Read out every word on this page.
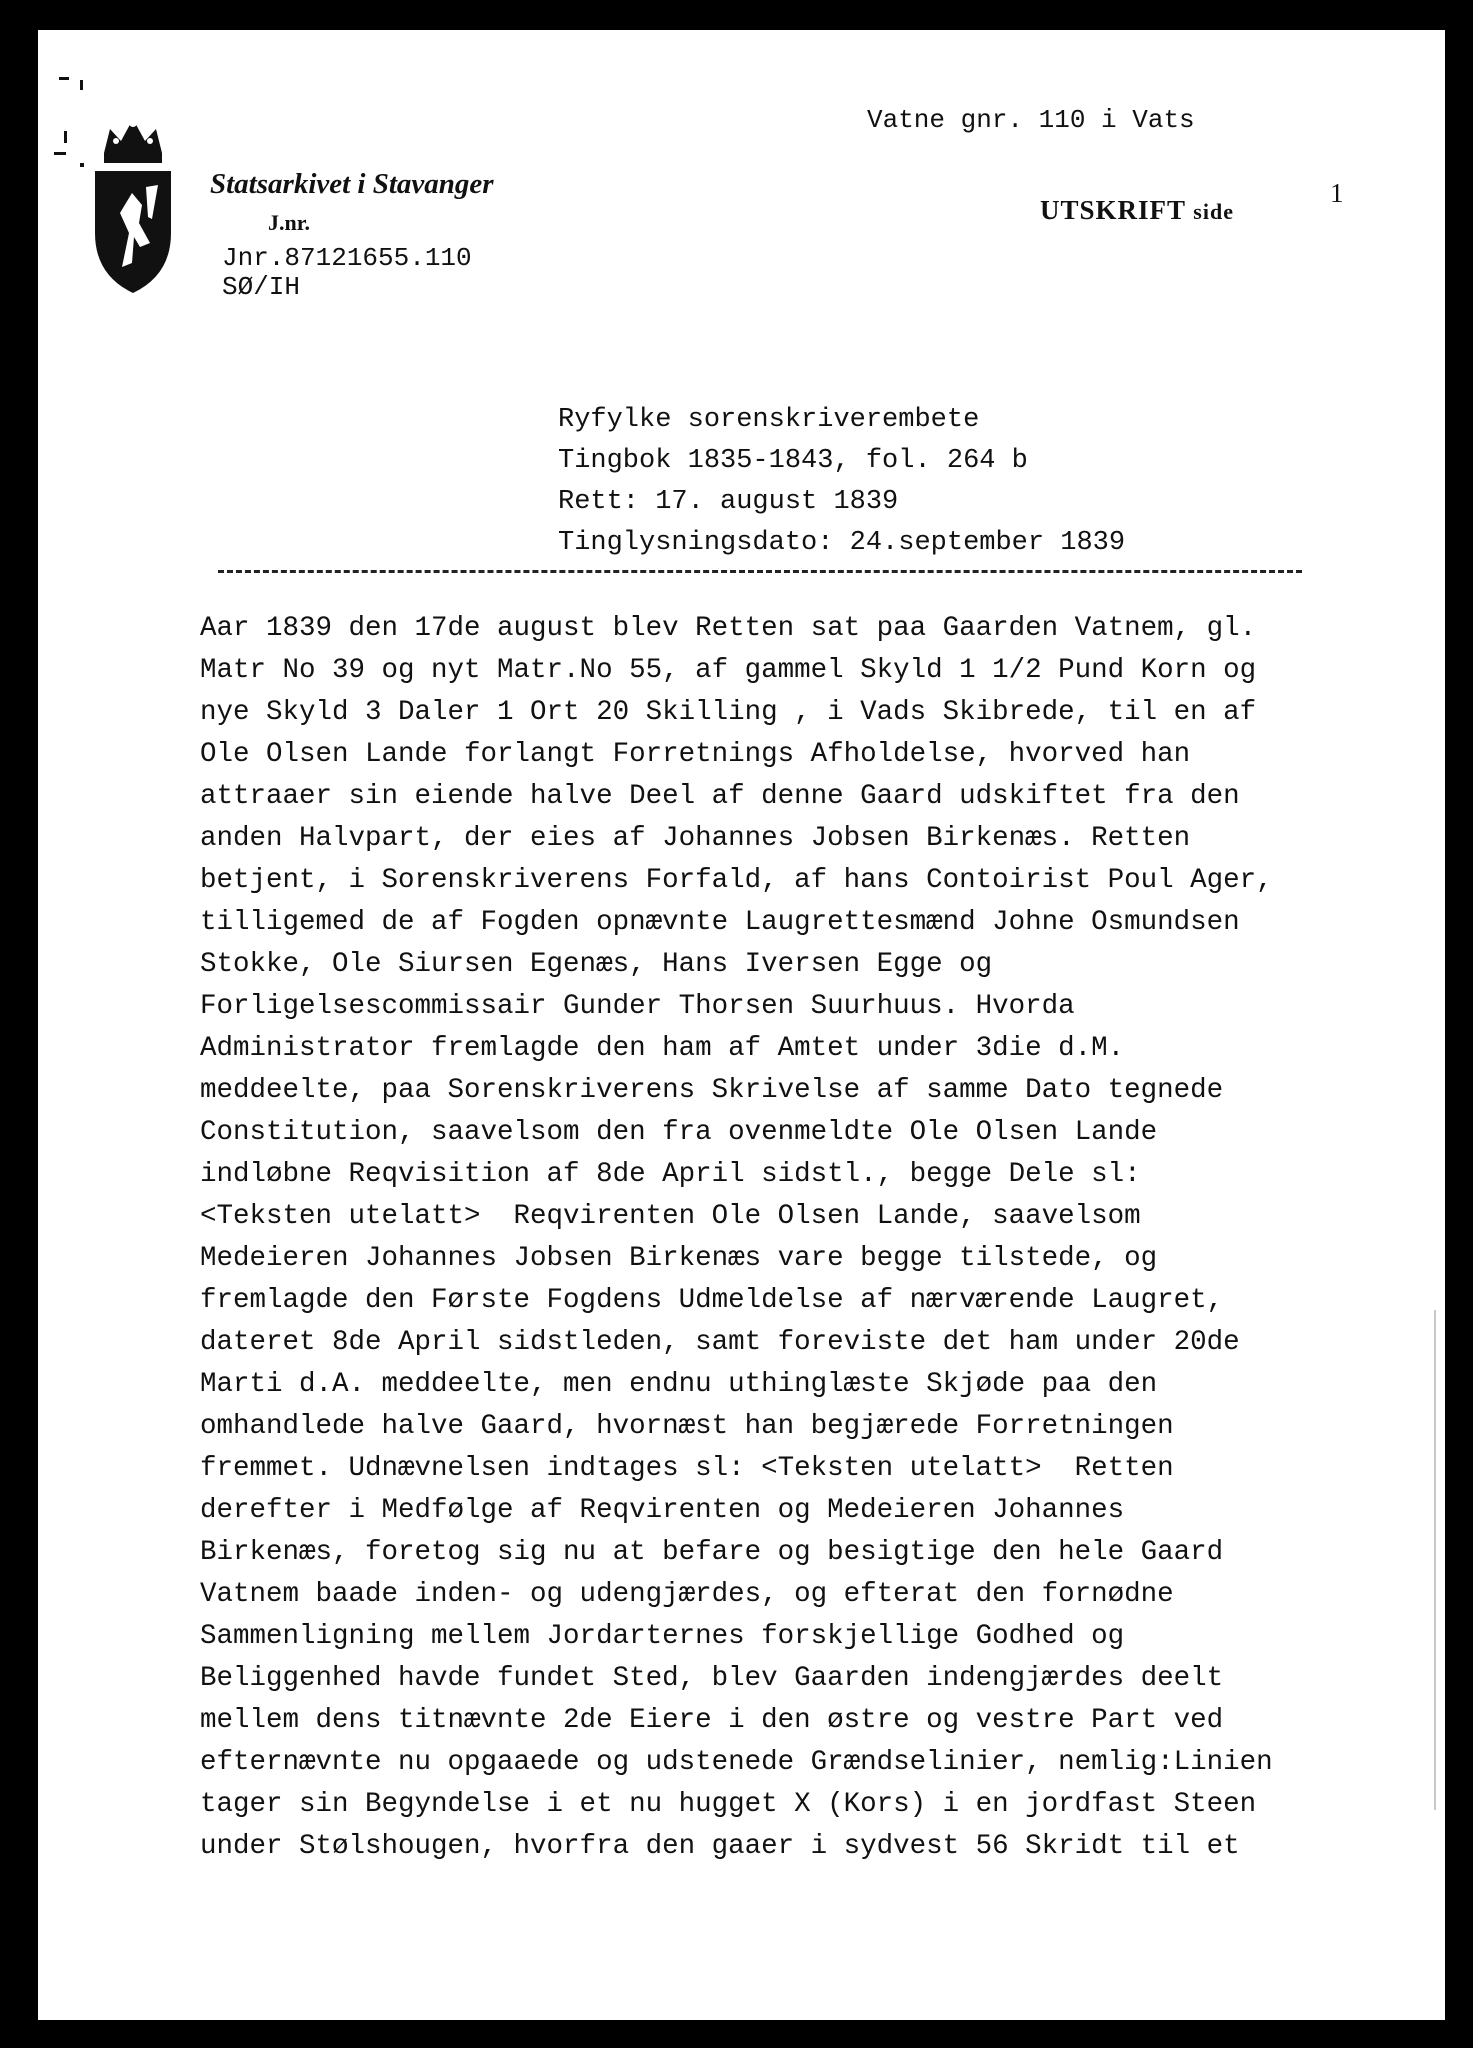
Statsarkivet i Stavanger
J.nr.
Jnr.87121655.110
SØ/IH
Vatne gnr. 110 i Vats
UTSKRIFT side
1
Ryfylke sorenskriverembete
Tingbok 1835-1843, fol. 264 b
Rett: 17. august 1839
Tinglysningsdato: 24.september 1839
Aar 1839 den 17de august blev Retten sat paa Gaarden Vatnem, gl.
Matr No 39 og nyt Matr.No 55, af gammel Skyld 1 1/2 Pund Korn og
nye Skyld 3 Daler 1 Ort 20 Skilling , i Vads Skibrede, til en af
Ole Olsen Lande forlangt Forretnings Afholdelse, hvorved han
attraaer sin eiende halve Deel af denne Gaard udskiftet fra den
anden Halvpart, der eies af Johannes Jobsen Birkenæs. Retten
betjent, i Sorenskriverens Forfald, af hans Contoirist Poul Ager,
tilligemed de af Fogden opnævnte Laugrettesmænd Johne Osmundsen
Stokke, Ole Siursen Egenæs, Hans Iversen Egge og
Forligelsescommissair Gunder Thorsen Suurhuus. Hvorda
Administrator fremlagde den ham af Amtet under 3die d.M.
meddeelte, paa Sorenskriverens Skrivelse af samme Dato tegnede
Constitution, saavelsom den fra ovenmeldte Ole Olsen Lande
indløbne Reqvisition af 8de April sidstl., begge Dele sl:
<Teksten utelatt>  Reqvirenten Ole Olsen Lande, saavelsom
Medeieren Johannes Jobsen Birkenæs vare begge tilstede, og
fremlagde den Første Fogdens Udmeldelse af nærværende Laugret,
dateret 8de April sidstleden, samt foreviste det ham under 20de
Marti d.A. meddeelte, men endnu uthinglæste Skjøde paa den
omhandlede halve Gaard, hvornæst han begjærede Forretningen
fremmet. Udnævnelsen indtages sl: <Teksten utelatt>  Retten
derefter i Medfølge af Reqvirenten og Medeieren Johannes
Birkenæs, foretog sig nu at befare og besigtige den hele Gaard
Vatnem baade inden- og udengjærdes, og efterat den fornødne
Sammenligning mellem Jordarternes forskjellige Godhed og
Beliggenhed havde fundet Sted, blev Gaarden indengjærdes deelt
mellem dens titnævnte 2de Eiere i den østre og vestre Part ved
efternævnte nu opgaaede og udstenede Grændselinier, nemlig:Linien
tager sin Begyndelse i et nu hugget X (Kors) i en jordfast Steen
under Stølshougen, hvorfra den gaaer i sydvest 56 Skridt til et
